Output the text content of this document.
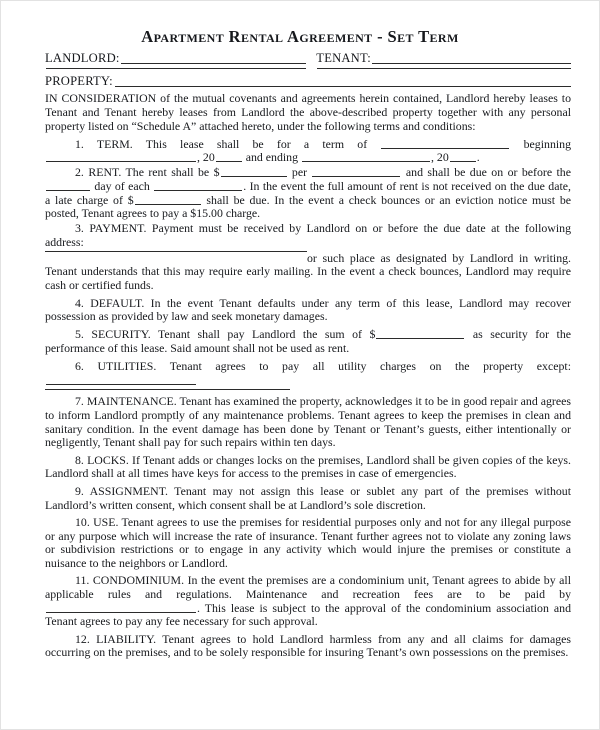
Apartment Rental Agreement - Set Term
LANDLORD:	TENANT:
PROPERTY:

IN CONSIDERATION of the mutual covenants and agreements herein contained, Landlord hereby leases to Tenant and Tenant hereby leases from Landlord the above-described property together with any personal property listed on “Schedule A” attached hereto, under the following terms and conditions:

1. TERM. This lease shall be for a term of	beginning , 20	and ending	, 20 .

2. RENT. The rent shall be $	per	and shall be due on or before the  day of each	. In the event the full amount of rent is not received on the due date, a late charge of $	shall be due. In the event a check bounces or an eviction notice must be posted, Tenant agrees to pay a $15.00 charge.

3. PAYMENT. Payment must be received by Landlord on or before the due date at the following address:

or such place as designated by Landlord in writing. Tenant understands that this may require early mailing. In the event a check bounces, Landlord may require cash or certified funds.

4. DEFAULT. In the event Tenant defaults under any term of this lease, Landlord may recover possession as provided by law and seek monetary damages.

5. SECURITY. Tenant shall pay Landlord the sum of $	as security for the performance of this lease. Said amount shall not be used as rent.

6. UTILITIES. Tenant agrees to pay all utility charges on the property except:

7. MAINTENANCE. Tenant has examined the property, acknowledges it to be in good repair and agrees to inform Landlord promptly of any maintenance problems. Tenant agrees to keep the premises in clean and sanitary condition. In the event damage has been done by Tenant or Tenant’s guests, either intentionally or negligently, Tenant shall pay for such repairs within ten days.

8. LOCKS. If Tenant adds or changes locks on the premises, Landlord shall be given copies of the keys. Landlord shall at all times have keys for access to the premises in case of emergencies.

9. ASSIGNMENT. Tenant may not assign this lease or sublet any part of the premises without Landlord’s written consent, which consent shall be at Landlord’s sole discretion.

10. USE. Tenant agrees to use the premises for residential purposes only and not for any illegal purpose or any purpose which will increase the rate of insurance. Tenant further agrees not to violate any zoning laws or subdivision restrictions or to engage in any activity which would injure the premises or constitute a nuisance to the neighbors or Landlord.

11. CONDOMINIUM. In the event the premises are a condominium unit, Tenant agrees to abide by all applicable rules and regulations. Maintenance and recreation fees are to be paid by . This lease is subject to the approval of the condominium association and Tenant agrees to pay any fee necessary for such approval.

12. LIABILITY. Tenant agrees to hold Landlord harmless from any and all claims for damages occurring on the premises, and to be solely responsible for insuring Tenant’s own possessions on the premises.
